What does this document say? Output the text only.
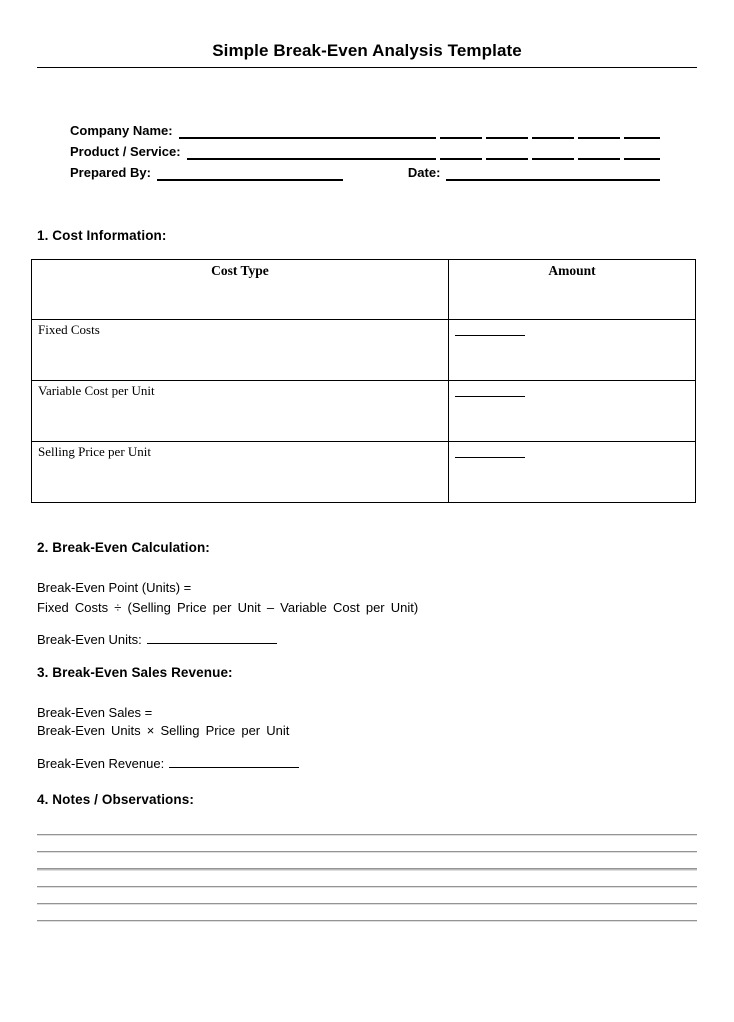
Simple Break-Even Analysis Template
Company Name:
Product / Service:
Prepared By:	Date:
1. Cost Information:
Cost Type	Amount
Fixed Costs	
Variable Cost per Unit	
Selling Price per Unit	
2. Break-Even Calculation:
Break-Even Point (Units) =
Fixed Costs ÷ (Selling Price per Unit – Variable Cost per Unit)
Break-Even Units:
3. Break-Even Sales Revenue:
Break-Even Sales =
Break-Even Units × Selling Price per Unit
Break-Even Revenue:
4. Notes / Observations:
